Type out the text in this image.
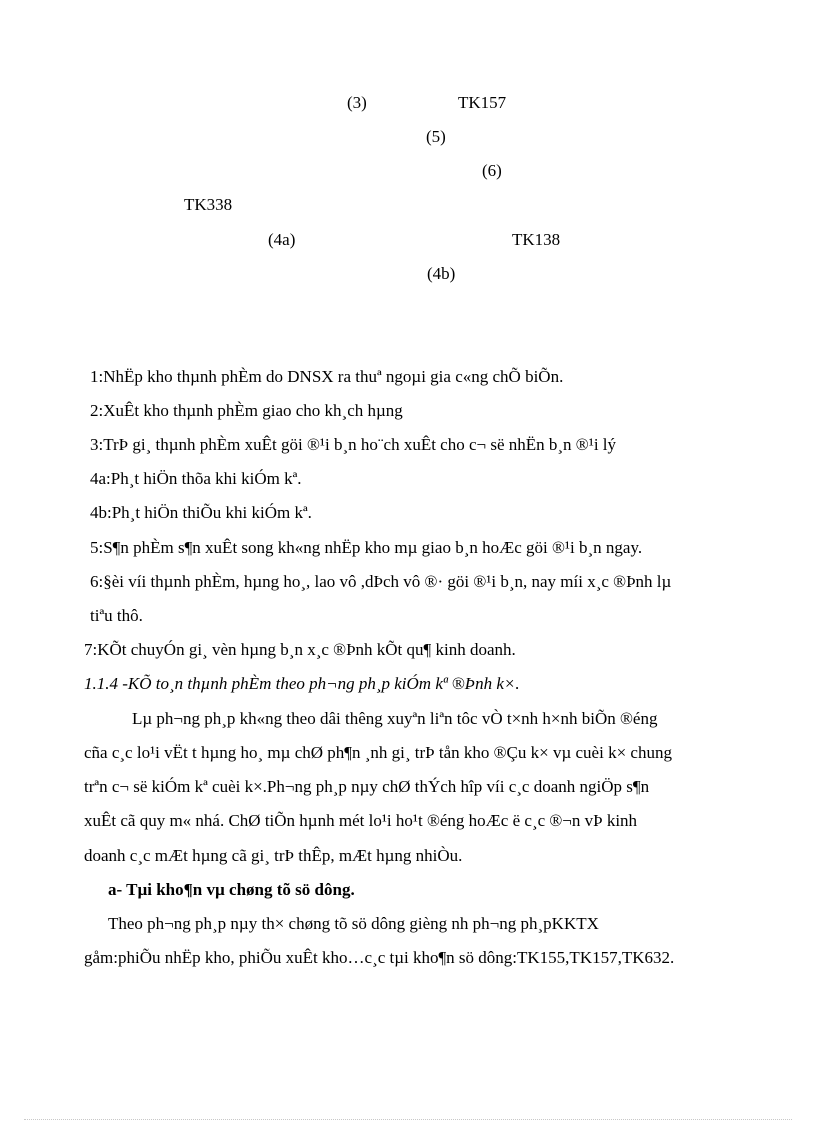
(3)	TK157
(5)
(6)
TK338
(4a)	TK138
(4b)
1:NhËp kho thµnh phÈm do DNSX ra thuª ngoµi gia c«ng chÕ biÕn.
2:XuÊt kho thµnh phÈm giao cho kh¸ch hµng
3:TrÞ gi¸ thµnh phÈm xuÊt göi ®¹i b¸n ho¨ch xuÊt cho c¬ së nhËn b¸n ®¹i lý
4a:Ph¸t hiÖn thõa khi kiÓm kª.
4b:Ph¸t hiÖn thiÕu khi kiÓm kª.
5:S¶n phÈm s¶n xuÊt song kh«ng nhËp kho mµ giao b¸n hoÆc göi ®¹i b¸n ngay.
6:§èi víi thµnh phÈm, hµng ho¸, lao vô ,dÞch vô ®· göi ®¹i b¸n, nay míi x¸c ®Þnh lµ
tiªu thô.
7:KÕt chuyÓn gi¸ vèn hµng b¸n x¸c ®Þnh kÕt qu¶ kinh doanh.
1.1.4 -KÕ to¸n thµnh phÈm theo ph¬ng ph¸p kiÓm kª ®Þnh k×.
Lµ ph¬ng ph¸p kh«ng theo dâi thêng xuyªn liªn tôc vÒ t×nh h×nh biÕn ®éng
cña c¸c lo¹i vËt t hµng ho¸ mµ chØ ph¶n ¸nh gi¸ trÞ tån kho ®Çu k× vµ cuèi k× chung
trªn c¬ së kiÓm kª cuèi k×.Ph¬ng ph¸p nµy chØ thÝch hîp víi c¸c doanh ngiÖp s¶n
xuÊt cã quy m« nhá. ChØ tiÕn hµnh mét lo¹i ho¹t ®éng hoÆc ë c¸c ®¬n vÞ kinh
doanh c¸c mÆt hµng cã gi¸ trÞ thÊp, mÆt hµng nhiÒu.
a- Tµi kho¶n vµ chøng tõ sö dông.
Theo ph¬ng ph¸p nµy th× chøng tõ sö dông gièng nh ph¬ng ph¸pKKTX
gåm:phiÕu nhËp kho, phiÕu xuÊt kho…c¸c tµi kho¶n sö dông:TK155,TK157,TK632.
